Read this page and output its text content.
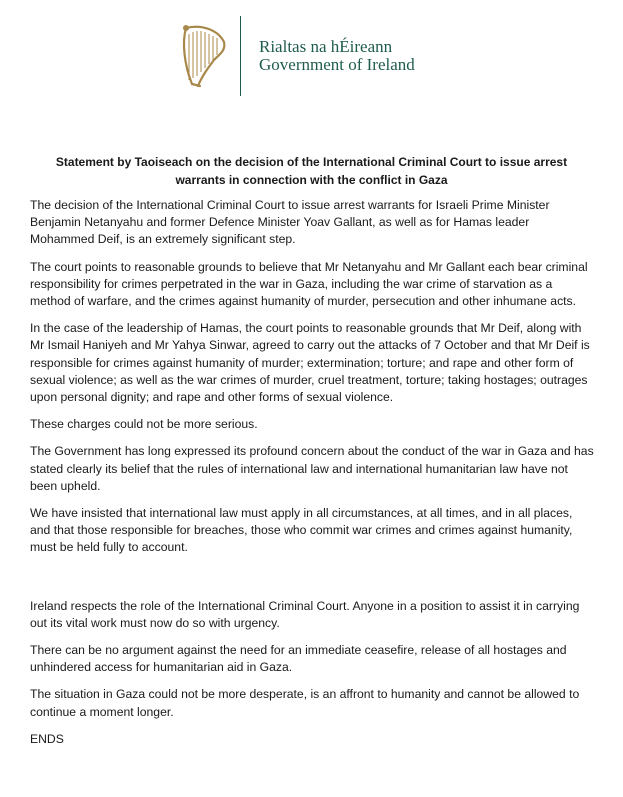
Rialtas na hÉireann
Government of Ireland
Statement by Taoiseach on the decision of the International Criminal Court to issue arrest warrants in connection with the conflict in Gaza

The decision of the International Criminal Court to issue arrest warrants for Israeli Prime Minister Benjamin Netanyahu and former Defence Minister Yoav Gallant, as well as for Hamas leader Mohammed Deif, is an extremely significant step.

The court points to reasonable grounds to believe that Mr Netanyahu and Mr Gallant each bear criminal responsibility for crimes perpetrated in the war in Gaza, including the war crime of starvation as a method of warfare, and the crimes against humanity of murder, persecution and other inhumane acts.

In the case of the leadership of Hamas, the court points to reasonable grounds that Mr Deif, along with Mr Ismail Haniyeh and Mr Yahya Sinwar, agreed to carry out the attacks of 7 October and that Mr Deif is responsible for crimes against humanity of murder; extermination; torture; and rape and other form of sexual violence; as well as the war crimes of murder, cruel treatment, torture; taking hostages; outrages upon personal dignity; and rape and other forms of sexual violence.

These charges could not be more serious.

The Government has long expressed its profound concern about the conduct of the war in Gaza and has stated clearly its belief that the rules of international law and international humanitarian law have not been upheld.

We have insisted that international law must apply in all circumstances, at all times, and in all places, and that those responsible for breaches, those who commit war crimes and crimes against humanity, must be held fully to account.

Ireland respects the role of the International Criminal Court. Anyone in a position to assist it in carrying out its vital work must now do so with urgency.

There can be no argument against the need for an immediate ceasefire, release of all hostages and unhindered access for humanitarian aid in Gaza.

The situation in Gaza could not be more desperate, is an affront to humanity and cannot be allowed to continue a moment longer.

ENDS
